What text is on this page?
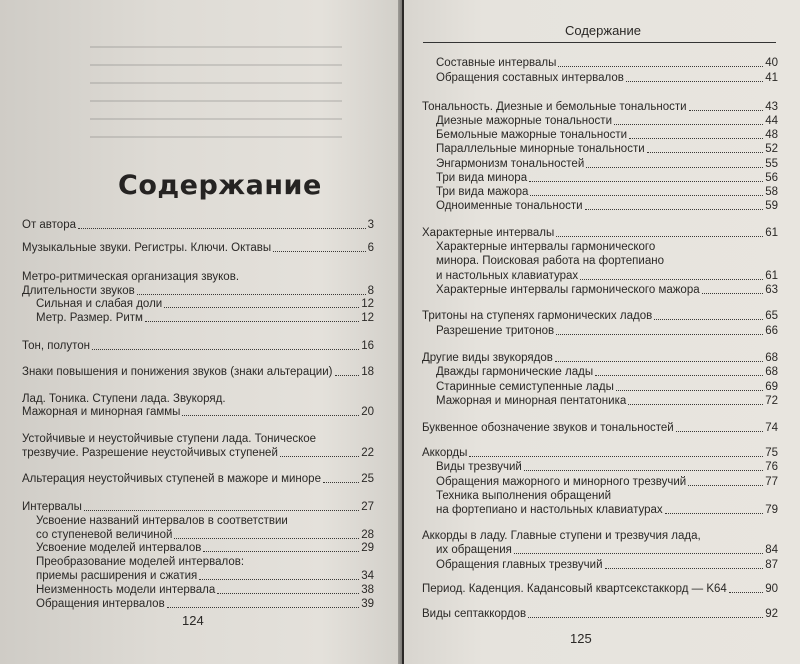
Содержание
124
От автора	3
Музыкальные звуки. Регистры. Ключи. Октавы	6
Метро-ритмическая организация звуков.
Длительности звуков	8
Сильная и слабая доли	12
Метр. Размер. Ритм	12
Тон, полутон	16
Знаки повышения и понижения звуков (знаки альтерации) 18
Лад. Тоника. Ступени лада. Звукоряд.
Мажорная и минорная гаммы	20
Устойчивые и неустойчивые ступени лада. Тоническое
трезвучие. Разрешение неустойчивых ступеней	22
Альтерация неустойчивых ступеней в мажоре и миноре	25
Интервалы	27
Усвоение названий интервалов в соответствии
со ступеневой величиной	28
Усвоение моделей интервалов	29
Преобразование моделей интервалов:
приемы расширения и сжатия	34
Неизменность модели интервала	38
Обращения интервалов	39
Содержание
125
Составные интервалы	40
Обращения составных интервалов	41
Тональность. Диезные и бемольные тональности	43
Диезные мажорные тональности	44
Бемольные мажорные тональности	48
Параллельные минорные тональности	52
Энгармонизм тональностей	55
Три вида минора	56
Три вида мажора	58
Одноименные тональности	59
Характерные интервалы	61
Характерные интервалы гармонического
минора. Поисковая работа на фортепиано
и настольных клавиатурах	61
Характерные интервалы гармонического мажора	63
Тритоны на ступенях гармонических ладов	65
Разрешение тритонов	66
Другие виды звукорядов	68
Дважды гармонические лады	68
Старинные семиступенные лады	69
Мажорная и минорная пентатоника	72
Буквенное обозначение звуков и тональностей	74
Аккорды	75
Виды трезвучий	76
Обращения мажорного и минорного трезвучий	77
Техника выполнения обращений
на фортепиано и настольных клавиатурах	79
Аккорды в ладу. Главные ступени и трезвучия лада,
их обращения	84
Обращения главных трезвучий	87
Период. Каденция. Кадансовый квартсекстаккорд — K64	90
Виды септаккордов	92
